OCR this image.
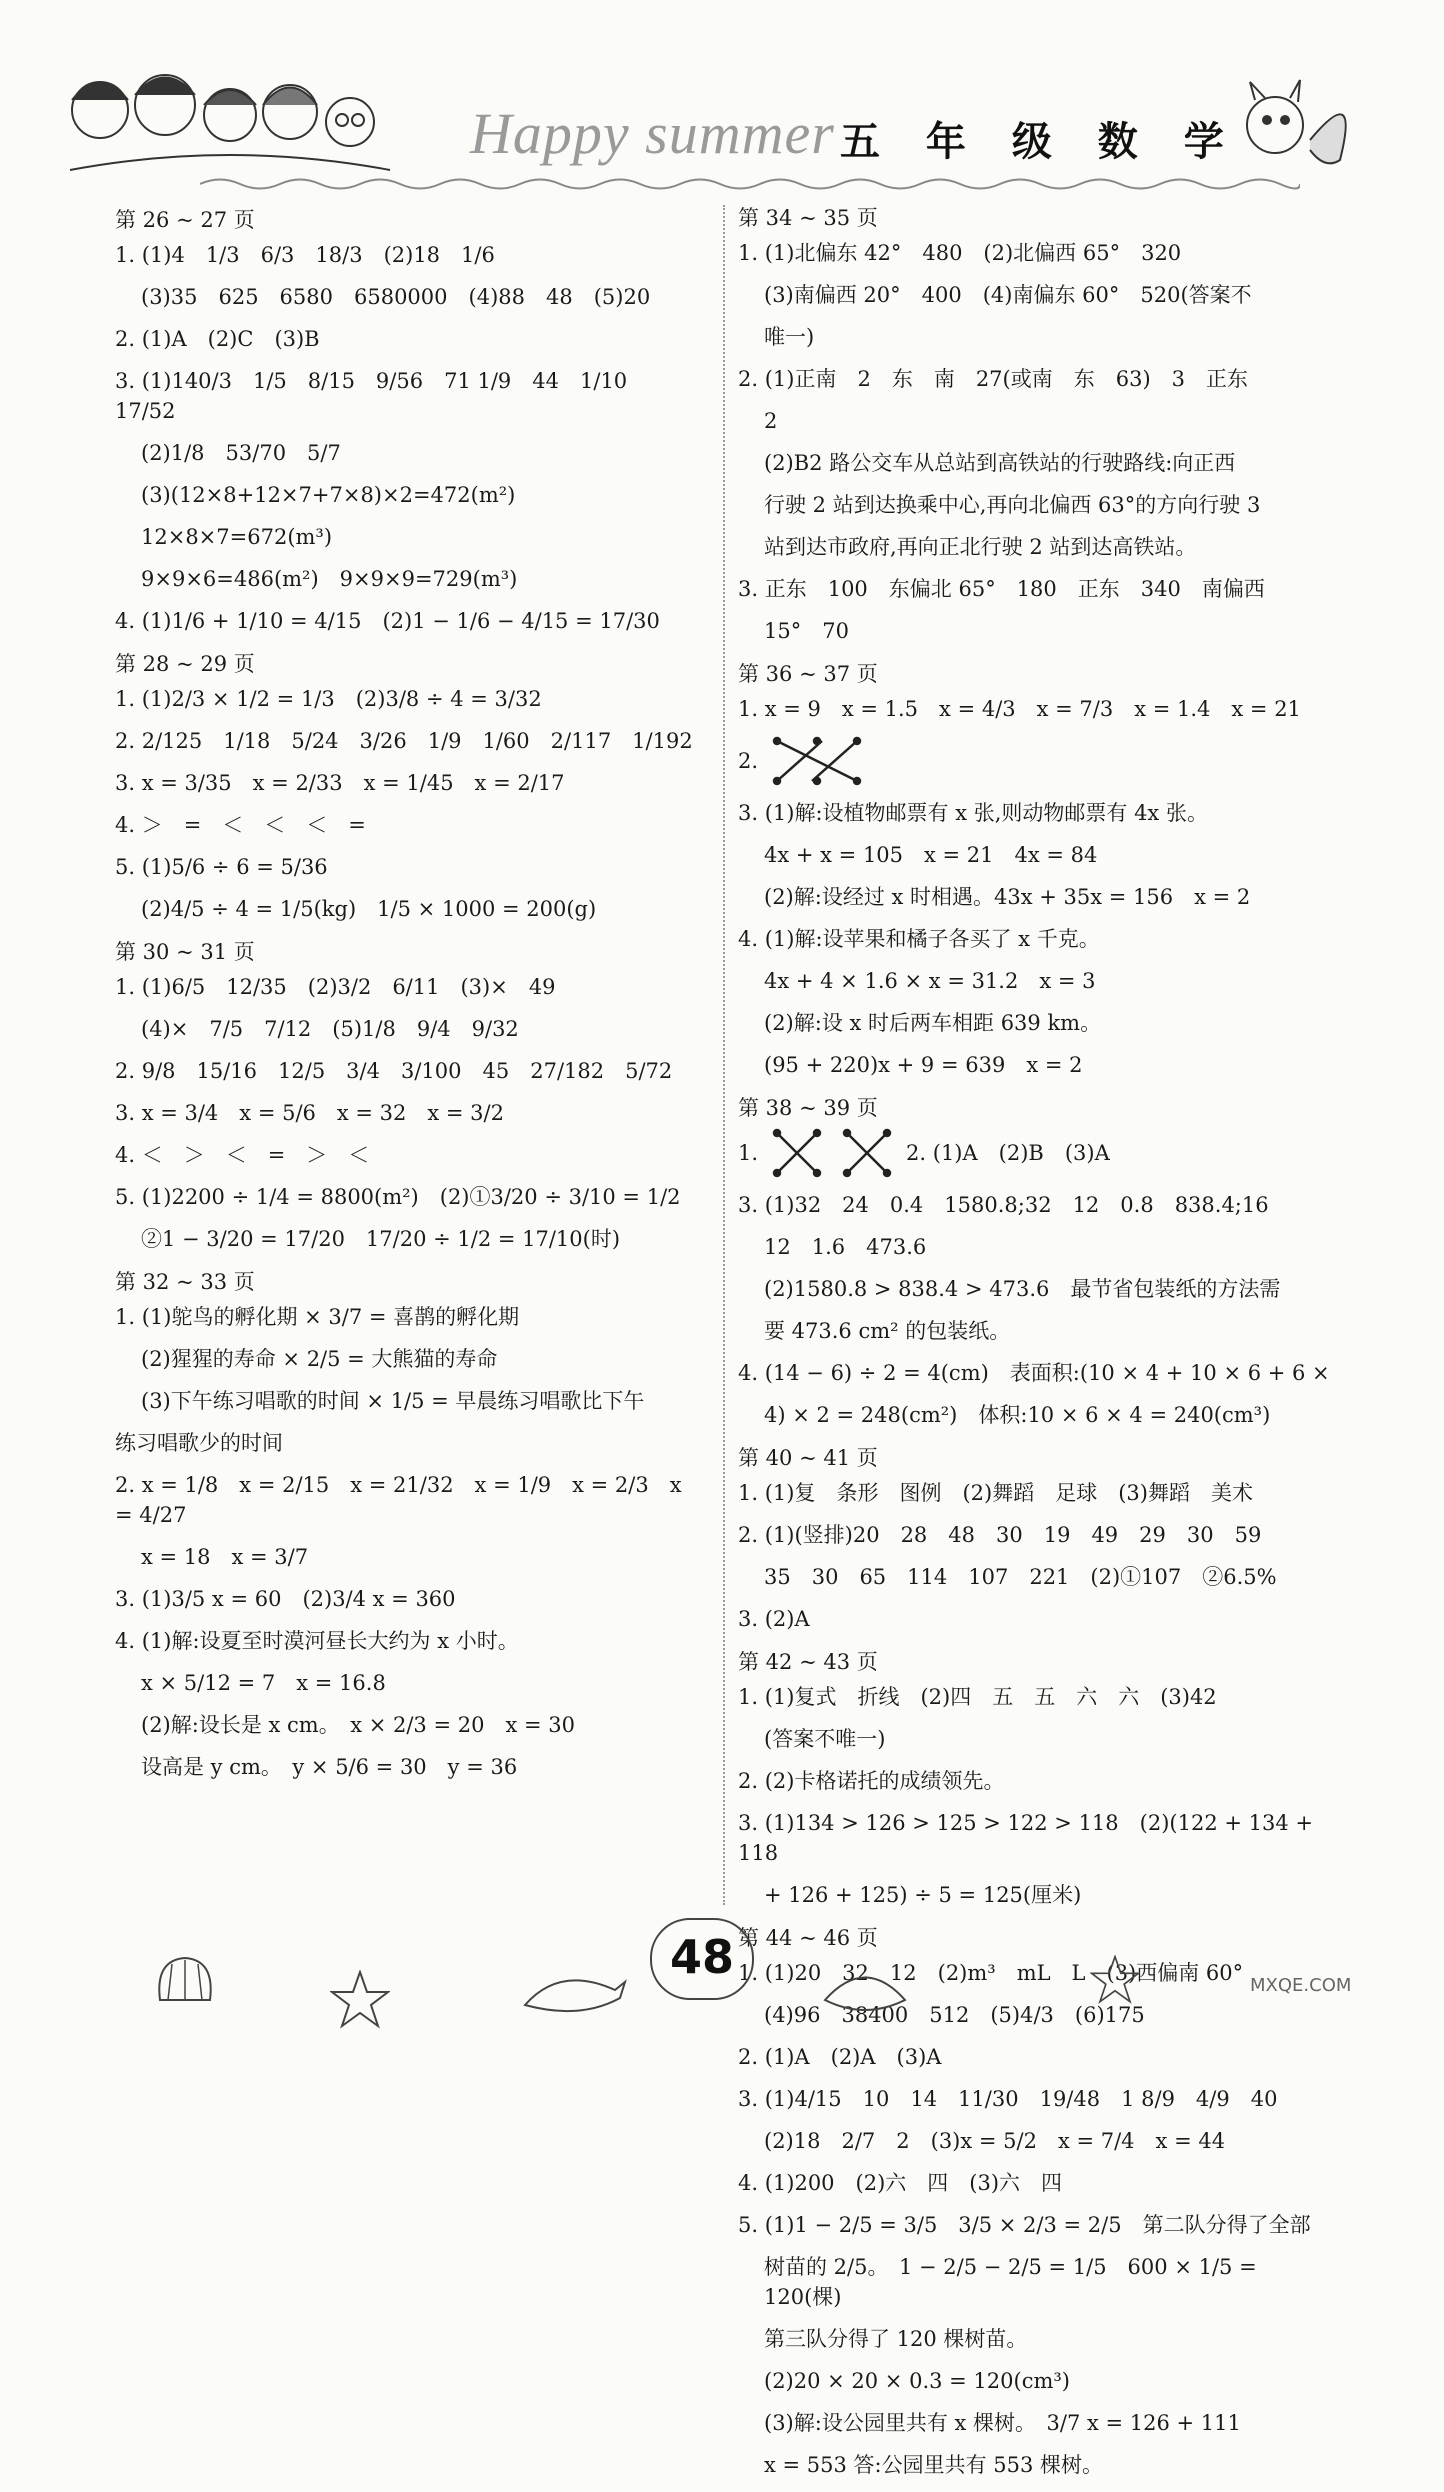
Happy summer 五 年 级 数 学
第 26 ~ 27 页
1. (1)4　1/3　6/3　18/3　(2)18　1/6
(3)35　625　6580　6580000　(4)88　48　(5)20
2. (1)A　(2)C　(3)B
3. (1)140/3　1/5　8/15　9/56　71 1/9　44　1/10　17/52
(2)1/8　53/70　5/7
(3)(12×8+12×7+7×8)×2=472(m²)
12×8×7=672(m³)
9×9×6=486(m²)　9×9×9=729(m³)
4. (1)1/6 + 1/10 = 4/15　(2)1 − 1/6 − 4/15 = 17/30
第 28 ~ 29 页
1. (1)2/3 × 1/2 = 1/3　(2)3/8 ÷ 4 = 3/32
2. 2/125　1/18　5/24　3/26　1/9　1/60　2/117　1/192
3. x = 3/35　x = 2/33　x = 1/45　x = 2/17
4. ＞　=　＜　＜　＜　=
5. (1)5/6 ÷ 6 = 5/36
(2)4/5 ÷ 4 = 1/5(kg)　1/5 × 1000 = 200(g)
第 30 ~ 31 页
1. (1)6/5　12/35　(2)3/2　6/11　(3)×　49
(4)×　7/5　7/12　(5)1/8　9/4　9/32
2. 9/8　15/16　12/5　3/4　3/100　45　27/182　5/72
3. x = 3/4　x = 5/6　x = 32　x = 3/2
4. ＜　＞　＜　=　＞　＜
5. (1)2200 ÷ 1/4 = 8800(m²)　(2)①3/20 ÷ 3/10 = 1/2
②1 − 3/20 = 17/20　17/20 ÷ 1/2 = 17/10(时)
第 32 ~ 33 页
1. (1)鸵鸟的孵化期 × 3/7 = 喜鹊的孵化期
(2)猩猩的寿命 × 2/5 = 大熊猫的寿命
(3)下午练习唱歌的时间 × 1/5 = 早晨练习唱歌比下午
练习唱歌少的时间
2. x = 1/8　x = 2/15　x = 21/32　x = 1/9　x = 2/3　x = 4/27
x = 18　x = 3/7
3. (1)3/5 x = 60　(2)3/4 x = 360
4. (1)解:设夏至时漠河昼长大约为 x 小时。
x × 5/12 = 7　x = 16.8
(2)解:设长是 x cm。　x × 2/3 = 20　x = 30
设高是 y cm。　y × 5/6 = 30　y = 36
第 34 ~ 35 页
1. (1)北偏东 42°　480　(2)北偏西 65°　320
(3)南偏西 20°　400　(4)南偏东 60°　520(答案不
唯一)
2. (1)正南　2　东　南　27(或南　东　63)　3　正东
2
(2)B2 路公交车从总站到高铁站的行驶路线:向正西
行驶 2 站到达换乘中心,再向北偏西 63°的方向行驶 3
站到达市政府,再向正北行驶 2 站到达高铁站。
3. 正东　100　东偏北 65°　180　正东　340　南偏西
15°　70
第 36 ~ 37 页
1. x = 9　x = 1.5　x = 4/3　x = 7/3　x = 1.4　x = 21
2.
3. (1)解:设植物邮票有 x 张,则动物邮票有 4x 张。
4x + x = 105　x = 21　4x = 84
(2)解:设经过 x 时相遇。43x + 35x = 156　x = 2
4. (1)解:设苹果和橘子各买了 x 千克。
4x + 4 × 1.6 × x = 31.2　x = 3
(2)解:设 x 时后两车相距 639 km。
(95 + 220)x + 9 = 639　x = 2
第 38 ~ 39 页
1.	2. (1)A　(2)B　(3)A
3. (1)32　24　0.4　1580.8;32　12　0.8　838.4;16
12　1.6　473.6
(2)1580.8 > 838.4 > 473.6　最节省包装纸的方法需
要 473.6 cm² 的包装纸。
4. (14 − 6) ÷ 2 = 4(cm)　表面积:(10 × 4 + 10 × 6 + 6 ×
4) × 2 = 248(cm²)　体积:10 × 6 × 4 = 240(cm³)
第 40 ~ 41 页
1. (1)复　条形　图例　(2)舞蹈　足球　(3)舞蹈　美术
2. (1)(竖排)20　28　48　30　19　49　29　30　59
35　30　65　114　107　221　(2)①107　②6.5%
3. (2)A
第 42 ~ 43 页
1. (1)复式　折线　(2)四　五　五　六　六　(3)42
(答案不唯一)
2. (2)卡格诺托的成绩领先。
3. (1)134 > 126 > 125 > 122 > 118　(2)(122 + 134 + 118
+ 126 + 125) ÷ 5 = 125(厘米)
第 44 ~ 46 页
1. (1)20　32　12　(2)m³　mL　L　(3)西偏南 60°
(4)96　38400　512　(5)4/3　(6)175
2. (1)A　(2)A　(3)A
3. (1)4/15　10　14　11/30　19/48　1 8/9　4/9　40
(2)18　2/7　2　(3)x = 5/2　x = 7/4　x = 44
4. (1)200　(2)六　四　(3)六　四
5. (1)1 − 2/5 = 3/5　3/5 × 2/3 = 2/5　第二队分得了全部
树苗的 2/5。　1 − 2/5 − 2/5 = 1/5　600 × 1/5 = 120(棵)
第三队分得了 120 棵树苗。
(2)20 × 20 × 0.3 = 120(cm³)
(3)解:设公园里共有 x 棵树。　3/7 x = 126 + 111
x = 553 答:公园里共有 553 棵树。
48
MXQE.COM
